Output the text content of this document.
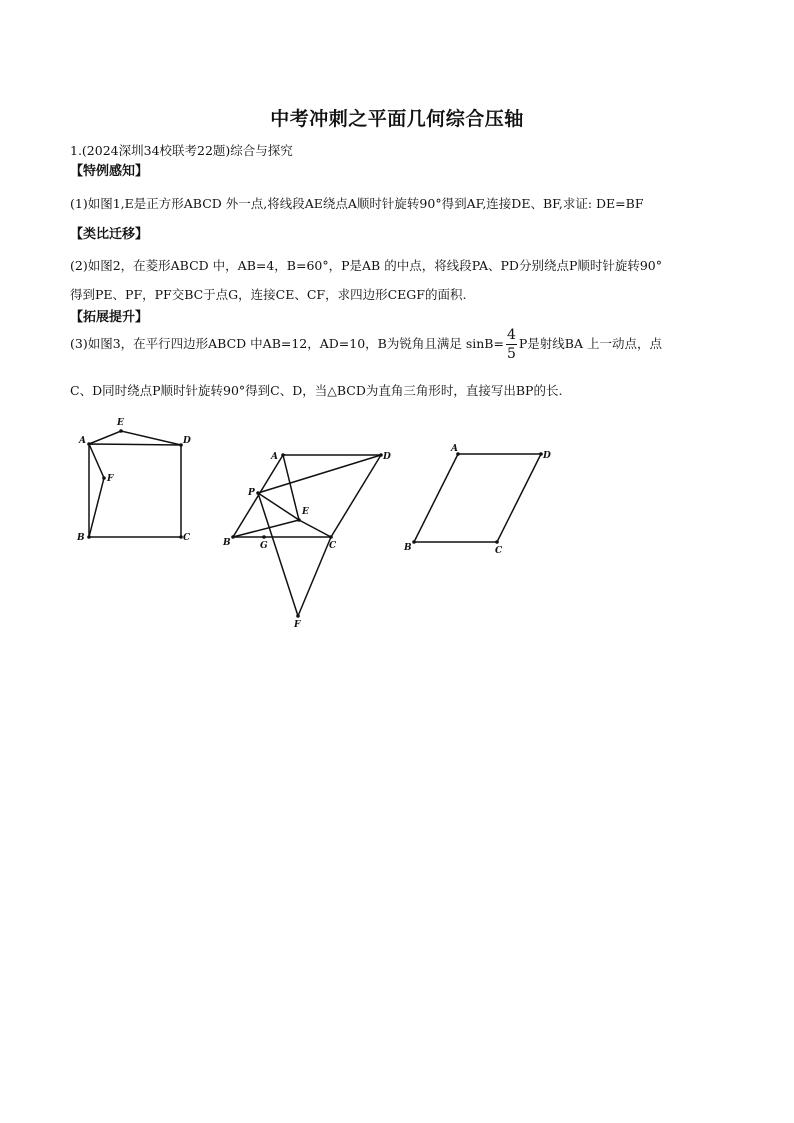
中考冲刺之平面几何综合压轴
1.(2024深圳34校联考22题)综合与探究
【特例感知】
(1)如图1,E是正方形ABCD 外一点,将线段AE绕点A顺时针旋转90°得到AF,连接DE、BF,求证: DE=BF
【类比迁移】
(2)如图2，在菱形ABCD 中，AB=4，B=60°，P是AB 的中点，将线段PA、PD分别绕点P顺时针旋转90°
得到PE、PF，PF交BC于点G，连接CE、CF，求四边形CEGF的面积.
【拓展提升】
(3)如图3，在平行四边形ABCD 中AB=12，AD=10，B为锐角且满足 $\sin B= \frac{4}{5}$ P是射线BA 上一动点，点
C、D同时绕点P顺时针旋转90°得到C、D，当△BCD为直角三角形时，直接写出BP的长.
A
E
D
F
B	C
A	D
P
E
B	G	C
F
A
D
B	C
